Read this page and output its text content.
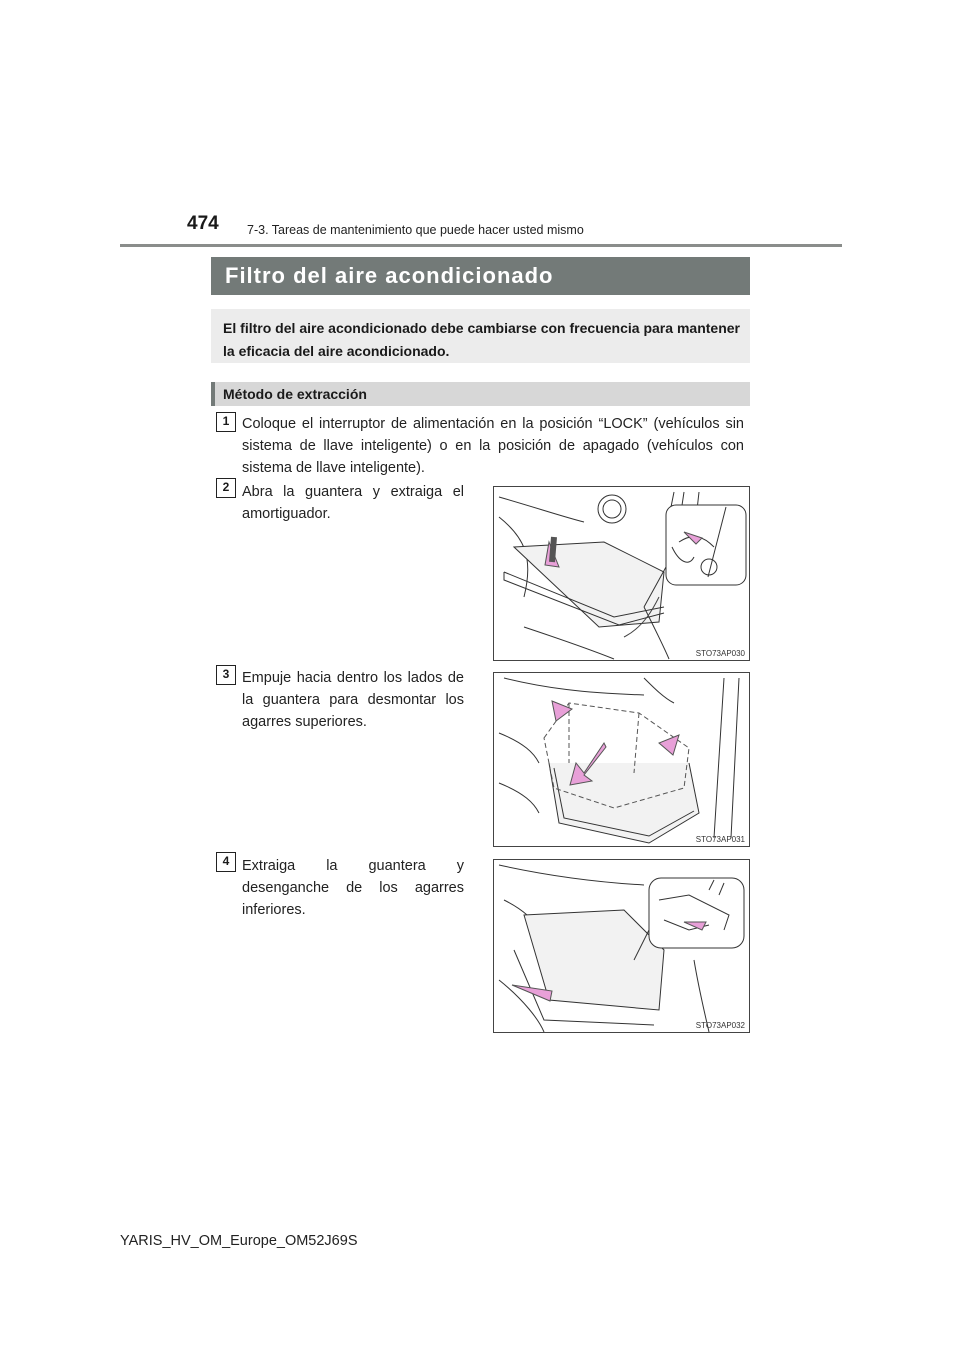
474 7-3. Tareas de mantenimiento que puede hacer usted mismo
Filtro del aire acondicionado
El filtro del aire acondicionado debe cambiarse con frecuencia para mantener la eficacia del aire acondicionado.
Método de extracción
1 Coloque el interruptor de alimentación en la posición “LOCK” (vehículos sin sistema de llave inteligente) o en la posición de apagado (vehículos con sistema de llave inteligente).
2 Abra la guantera y extraiga el amortiguador.
STO73AP030
3 Empuje hacia dentro los lados de la guantera para desmontar los agarres superiores.
STO73AP031
4 Extraiga la guantera y desenganche de los agarres inferiores.
STO73AP032
YARIS_HV_OM_Europe_OM52J69S
